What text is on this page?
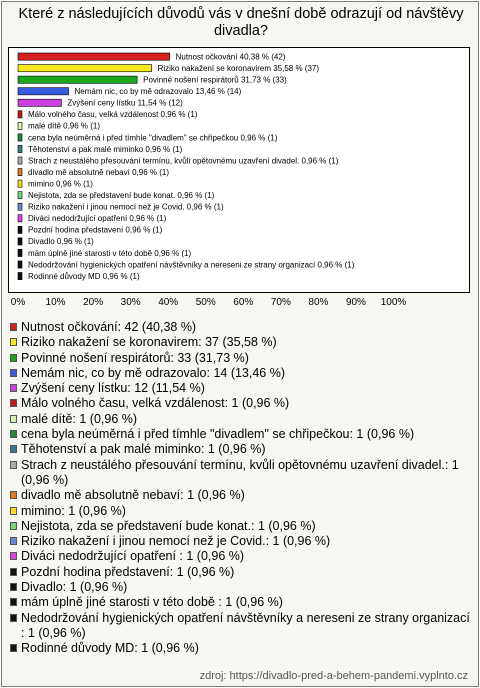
Které z následujících důvodů vás v dnešní době odrazují od návštěvy divadla?
Nutnost očkování 40,38 % (42)
Riziko nakažení se koronavirem 35,58 % (37)
Povinné nošení respirátorů 31,73 % (33)
Nemám nic, co by mě odrazovalo 13,46 % (14)
Zvýšení ceny lístku 11,54 % (12)
Málo volného času, velká vzdálenost 0,96 % (1)
malé dítě 0,96 % (1)
cena byla neúměrná i před tímhle "divadlem" se chřipečkou 0,96 % (1)
Těhotenství a pak malé miminko 0,96 % (1)
Strach z neustálého přesouvání termínu, kvůli opětovnému uzavření divadel. 0,96 % (1)
divadlo mě absolutně nebaví 0,96 % (1)
mimino 0,96 % (1)
Nejistota, zda se představení bude konat. 0,96 % (1)
Riziko nakažení i jinou nemocí než je Covid. 0,96 % (1)
Diváci nedodržující opatření 0,96 % (1)
Pozdní hodina představení 0,96 % (1)
Divadlo 0,96 % (1)
mám úplně jiné starosti v této době 0,96 % (1)
Nedodržování hygienických opatření návštěvníky a nereseni ze strany organizací 0,96 % (1)
Rodinné důvody MD 0,96 % (1)
0% 10% 20% 30% 40% 50% 60% 70% 80% 90% 100%
Nutnost očkování: 42 (40,38 %)
Riziko nakažení se koronavirem: 37 (35,58 %)
Povinné nošení respirátorů: 33 (31,73 %)
Nemám nic, co by mě odrazovalo: 14 (13,46 %)
Zvýšení ceny lístku: 12 (11,54 %)
Málo volného času, velká vzdálenost: 1 (0,96 %)
malé dítě: 1 (0,96 %)
cena byla neúměrná i před tímhle "divadlem" se chřipečkou: 1 (0,96 %)
Těhotenství a pak malé miminko: 1 (0,96 %)
Strach z neustálého přesouvání termínu, kvůli opětovnému uzavření divadel.: 1 (0,96 %)
divadlo mě absolutně nebaví: 1 (0,96 %)
mimino: 1 (0,96 %)
Nejistota, zda se představení bude konat.: 1 (0,96 %)
Riziko nakažení i jinou nemocí než je Covid.: 1 (0,96 %)
Diváci nedodržující opatření : 1 (0,96 %)
Pozdní hodina představení: 1 (0,96 %)
Divadlo: 1 (0,96 %)
mám úplně jiné starosti v této době : 1 (0,96 %)
Nedodržování hygienických opatření návštěvníky a nereseni ze strany organizací : 1 (0,96 %)
Rodinné důvody MD: 1 (0,96 %)
zdroj: https://divadlo-pred-a-behem-pandemi.vyplnto.cz
